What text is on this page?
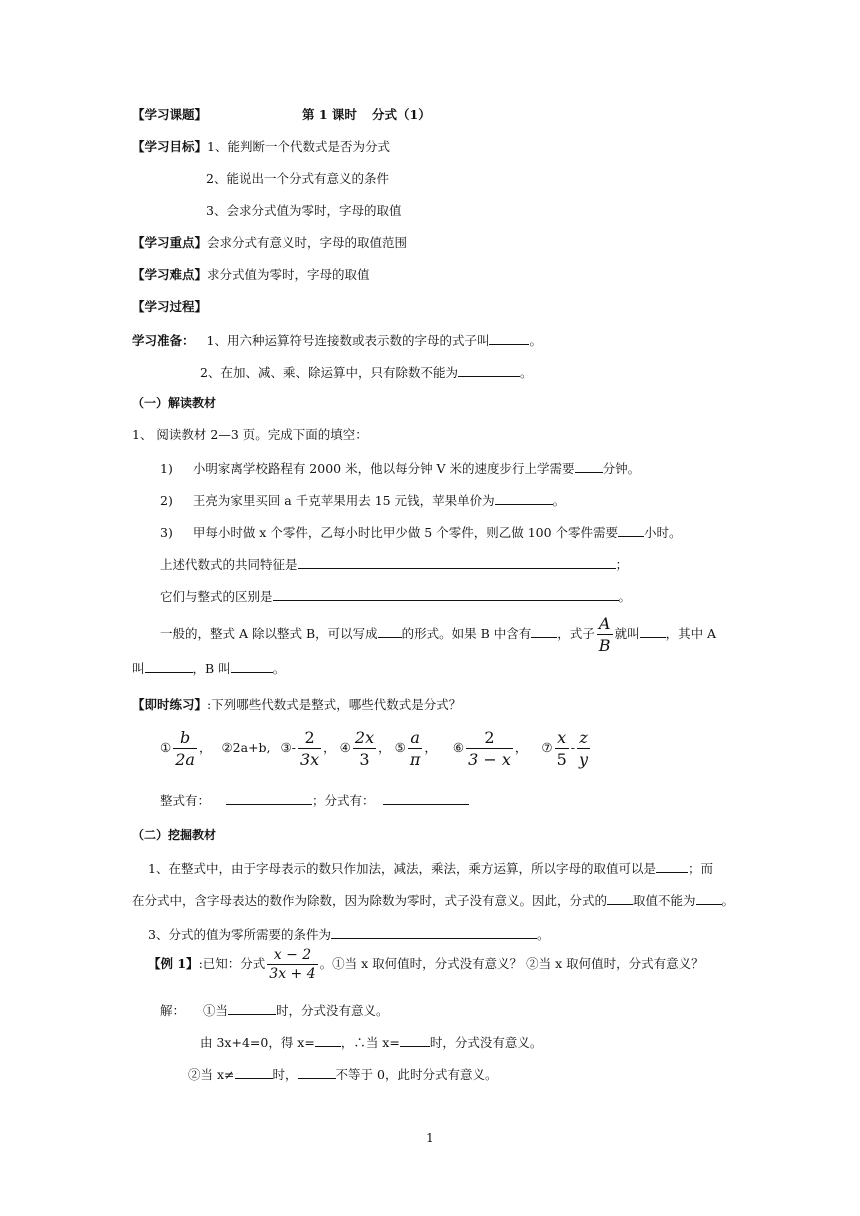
【学习课题】	第 1 课时 分式（1）
【学习目标】1、能判断一个代数式是否为分式
2、能说出一个分式有意义的条件
3、会求分式值为零时，字母的取值
【学习重点】会求分式有意义时，字母的取值范围
【学习难点】求分式值为零时，字母的取值
【学习过程】
学习准备： 1、用六种运算符号连接数或表示数的字母的式子叫	。
2、在加、减、乘、除运算中，只有除数不能为	。
（一）解读教材
1、 阅读教材 2—3 页。完成下面的填空：
1) 小明家离学校路程有 2000 米，他以每分钟 V 米的速度步行上学需要 分钟。
2) 王亮为家里买回 a 千克苹果用去 15 元钱，苹果单价为	。
3) 甲每小时做 x 个零件，乙每小时比甲少做 5 个零件，则乙做 100 个零件需要 小时。
上述代数式的共同特征是	；
它们与整式的区别是	。
一般的，整式 A 除以整式 B，可以写成 的形式。如果 B 中含有 ，式子 $\frac{A}{B}$ 就叫 ，其中 A
叫	，B 叫	。
【即时练习】:下列哪些代数式是整式，哪些代数式是分式？
① $\frac{b}{2a}$ ， ②2a+b, ③- $\frac{2}{3x}$ ， ④ $\frac{2x}{3}$ ， ⑤ $\frac{a}{\pi}$ ， ⑥ $\frac{2}{3 - x}$ ， ⑦ $\frac{x}{5} - \frac{z}{y}$
整式有：	；分式有：
（二）挖掘教材
1、在整式中，由于字母表示的数只作加法，减法，乘法，乘方运算，所以字母的取值可以是	；而
在分式中，含字母表达的数作为除数，因为除数为零时，式子没有意义。因此，分式的 取值不能为 。
3、分式的值为零所需要的条件为	。
【例 1】:已知：分式 $\frac{x - 2}{3x + 4}$ 。①当 x 取何值时，分式没有意义？ ②当 x 取何值时，分式有意义？
解： ①当	时，分式没有意义。
由 3x+4=0，得 x= ，∴当 x= 时，分式没有意义。
②当 x≠	时，	不等于 0，此时分式有意义。
1
